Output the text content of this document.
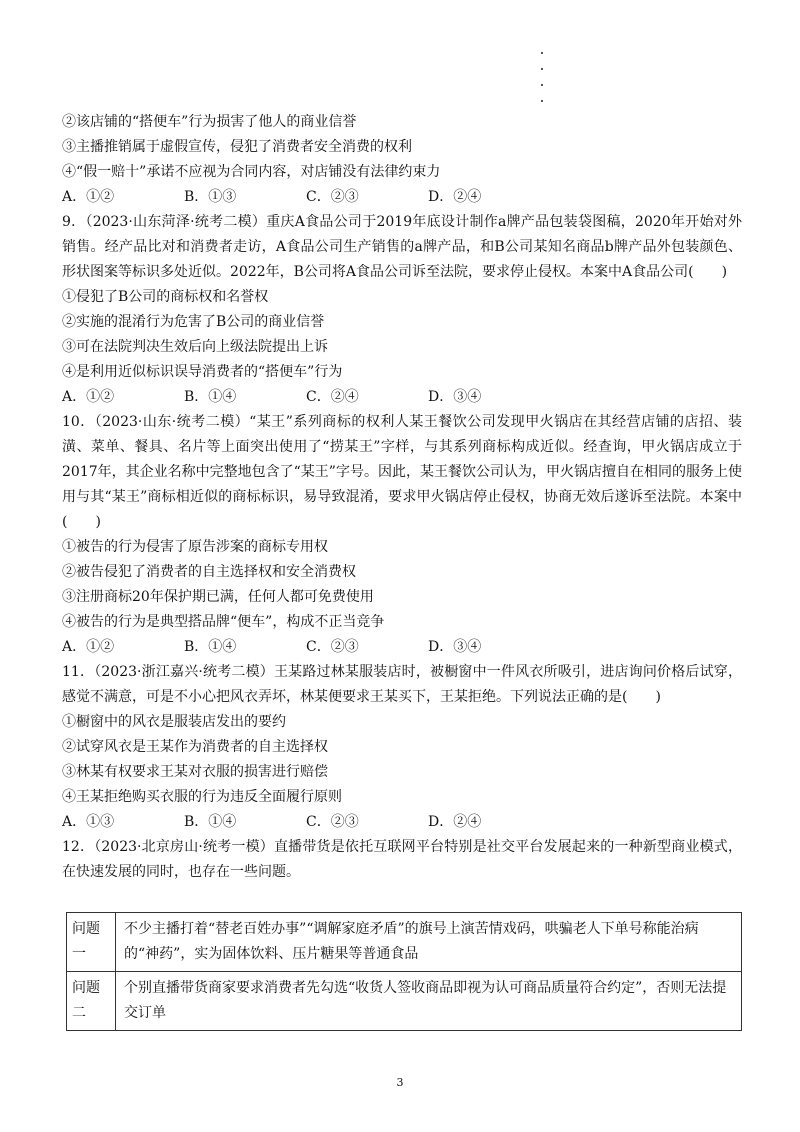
②该店铺的“搭便车”行为损害了他人的商业信誉
③主播推销属于虚假宣传，侵犯了消费者安全消费的权利
④“假一赔十”承诺不应视为合同内容，对店铺没有法律约束力
A．①②	B．①③	C．②③	D．②④
9．（2023·山东菏泽·统考二模）重庆A食品公司于2019年底设计制作a牌产品包装袋图稿，2020年开始对外销售。经产品比对和消费者走访，A食品公司生产销售的a牌产品，和B公司某知名商品b牌产品外包装颜色、形状图案等标识多处近似。2022年，B公司将A食品公司诉至法院，要求停止侵权。本案中A食品公司(　　)
①侵犯了B公司的商标权和名誉权
②实施的混淆行为危害了B公司的商业信誉
③可在法院判决生效后向上级法院提出上诉
④是利用近似标识误导消费者的“搭便车”行为
A．①②	B．①④	C．②④	D．③④
10．（2023·山东·统考二模）“某王”系列商标的权利人某王餐饮公司发现甲火锅店在其经营店铺的店招、装潢、菜单、餐具、名片等上面突出使用了“捞某王”字样，与其系列商标构成近似。经查询，甲火锅店成立于2017年，其企业名称中完整地包含了“某王”字号。因此，某王餐饮公司认为，甲火锅店擅自在相同的服务上使用与其“某王”商标相近似的商标标识，易导致混淆，要求甲火锅店停止侵权，协商无效后遂诉至法院。本案中(　　)
①被告的行为侵害了原告涉案的商标专用权
②被告侵犯了消费者的自主选择权和安全消费权
③注册商标20年保护期已满，任何人都可免费使用
④被告的行为是典型搭品牌“便车”，构成不正当竞争
A．①②	B．①④	C．②③	D．③④
11．（2023·浙江嘉兴·统考二模）王某路过林某服装店时，被橱窗中一件风衣所吸引，进店询问价格后试穿，感觉不满意，可是不小心把风衣弄坏，林某便要求王某买下，王某拒绝。下列说法正确的是(　　)
①橱窗中的风衣是服装店发出的要约
②试穿风衣是王某作为消费者的自主选择权
③林某有权要求王某对衣服的损害进行赔偿
④王某拒绝购买衣服的行为违反全面履行原则
A．①③	B．①④	C．②③	D．②④
12．（2023·北京房山·统考一模）直播带货是依托互联网平台特别是社交平台发展起来的一种新型商业模式，在快速发展的同时，也存在一些问题。
问题一	不少主播打着“替老百姓办事”“调解家庭矛盾”的旗号上演苦情戏码，哄骗老人下单号称能治病的“神药”，实为固体饮料、压片糖果等普通食品
问题二	个别直播带货商家要求消费者先勾选“收货人签收商品即视为认可商品质量符合约定”，否则无法提交订单
3
